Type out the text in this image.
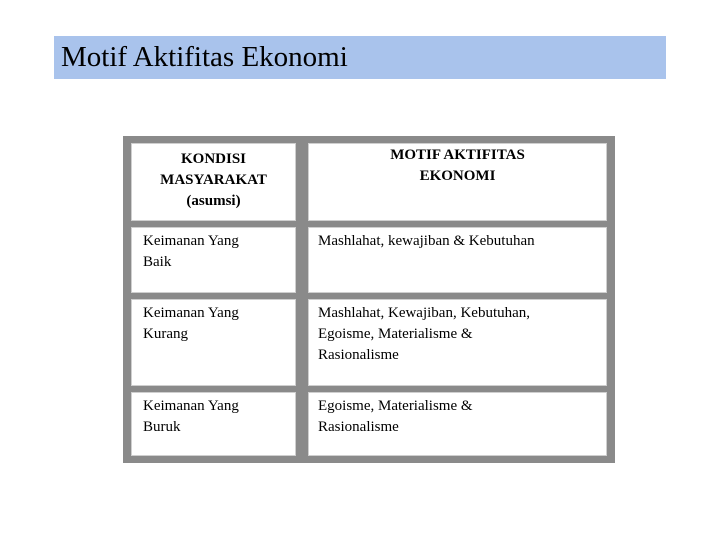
Motif Aktifitas Ekonomi
KONDISI
MASYARAKAT
(asumsi)
MOTIF AKTIFITAS
EKONOMI
Keimanan Yang
Baik
Mashlahat, kewajiban & Kebutuhan
Keimanan Yang
Kurang
Mashlahat, Kewajiban, Kebutuhan,
Egoisme, Materialisme &
Rasionalisme
Keimanan Yang
Buruk
Egoisme, Materialisme &
Rasionalisme
